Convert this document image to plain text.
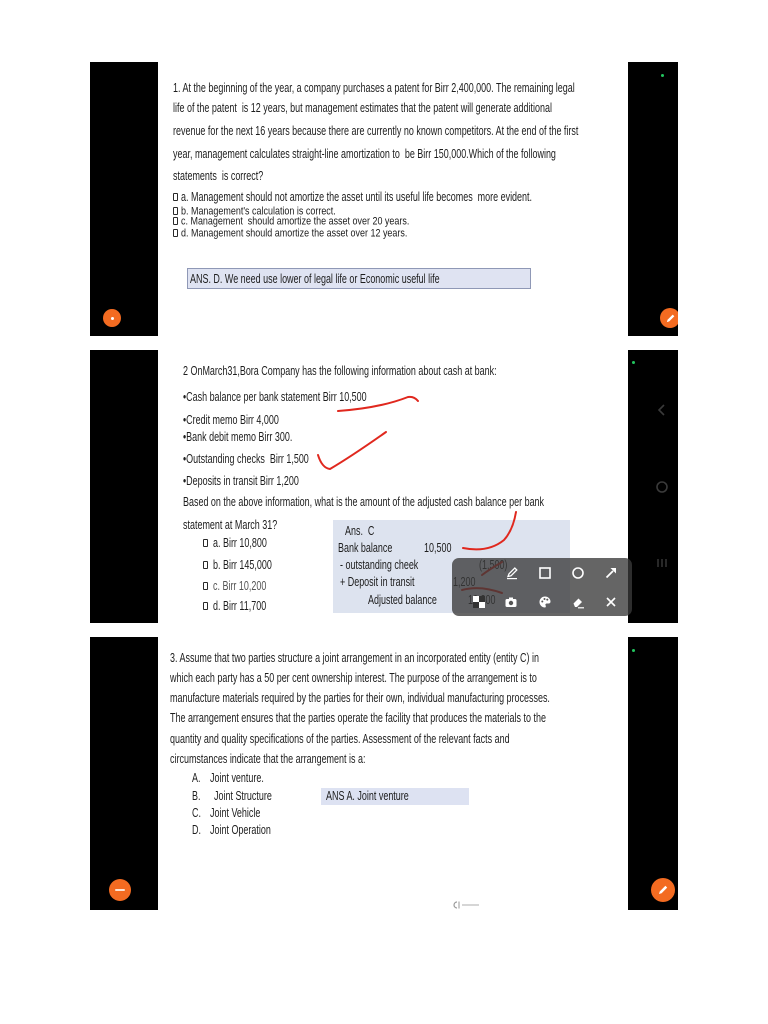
1. At the beginning of the year, a company purchases a patent for Birr 2,400,000. The remaining legal
life of the patent  is 12 years, but management estimates that the patent will generate additional
revenue for the next 16 years because there are currently no known competitors. At the end of the first
year, management calculates straight-line amortization to  be Birr 150,000.Which of the following
statements  is correct?
a. Management should not amortize the asset until its useful life becomes  more evident.
b. Management's calculation is correct.
c. Management  should amortize the asset over 20 years.
d. Management should amortize the asset over 12 years.
ANS. D. We need use lower of legal life or Economic useful life
2 OnMarch31,Bora Company has the following information about cash at bank:
•Cash balance per bank statement Birr 10,500
•Credit memo Birr 4,000
•Bank debit memo Birr 300.
•Outstanding checks  Birr 1,500
•Deposits in transit Birr 1,200
Based on the above information, what is the amount of the adjusted cash balance per bank
statement at March 31?
a. Birr 10,800
b. Birr 145,000
c. Birr 10,200
d. Birr 11,700
Ans.  C
Bank balance 10,500
- outstanding cheek
+ Deposit in transit
Adjusted balance
3. Assume that two parties structure a joint arrangement in an incorporated entity (entity C) in
which each party has a 50 per cent ownership interest. The purpose of the arrangement is to
manufacture materials required by the parties for their own, individual manufacturing processes.
The arrangement ensures that the parties operate the facility that produces the materials to the
quantity and quality specifications of the parties. Assessment of the relevant facts and
circumstances indicate that the arrangement is a:
A. Joint venture.
B. Joint Structure
C. Joint Vehicle
D. Joint Operation
ANS A. Joint venture
